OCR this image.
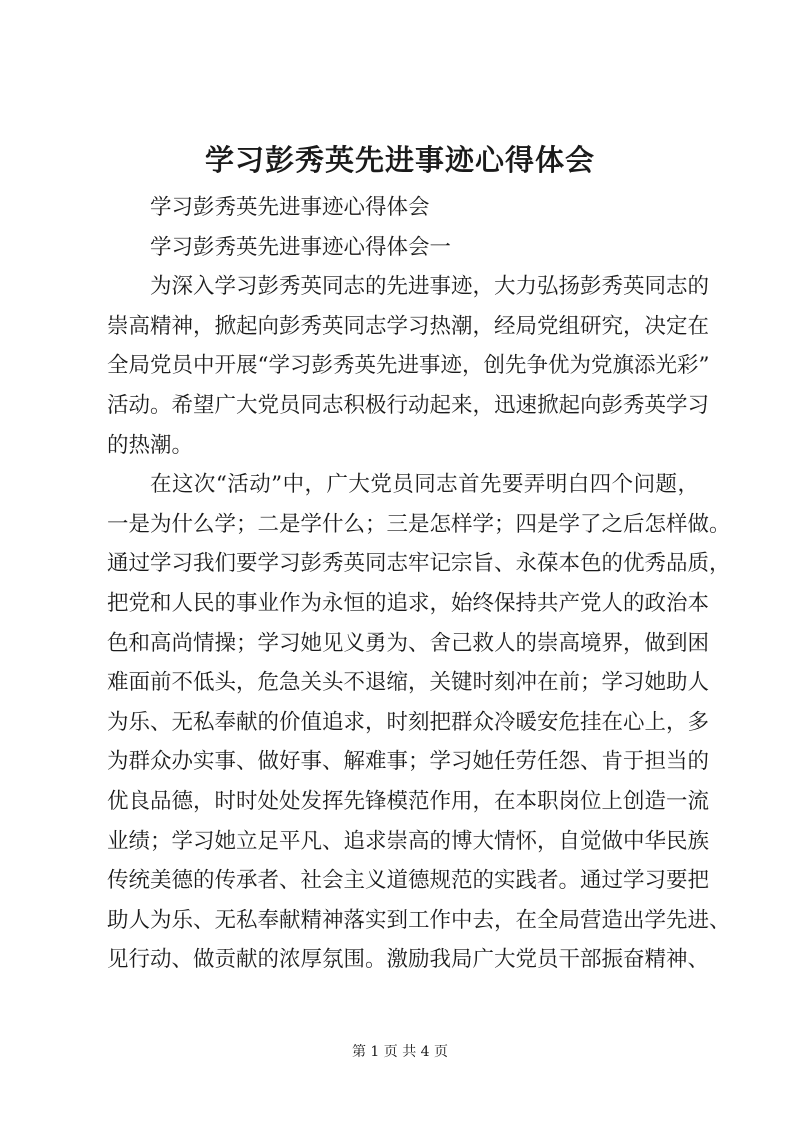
学习彭秀英先进事迹心得体会
学习彭秀英先进事迹心得体会
学习彭秀英先进事迹心得体会一
为深入学习彭秀英同志的先进事迹，大力弘扬彭秀英同志的
崇高精神，掀起向彭秀英同志学习热潮，经局党组研究，决定在
全局党员中开展“学习彭秀英先进事迹，创先争优为党旗添光彩”
活动。希望广大党员同志积极行动起来，迅速掀起向彭秀英学习
的热潮。
在这次“活动”中，广大党员同志首先要弄明白四个问题，
一是为什么学；二是学什么；三是怎样学；四是学了之后怎样做。
通过学习我们要学习彭秀英同志牢记宗旨、永葆本色的优秀品质，
把党和人民的事业作为永恒的追求，始终保持共产党人的政治本
色和高尚情操；学习她见义勇为、舍己救人的崇高境界，做到困
难面前不低头，危急关头不退缩，关键时刻冲在前；学习她助人
为乐、无私奉献的价值追求，时刻把群众冷暖安危挂在心上，多
为群众办实事、做好事、解难事；学习她任劳任怨、肯于担当的
优良品德，时时处处发挥先锋模范作用，在本职岗位上创造一流
业绩；学习她立足平凡、追求崇高的博大情怀，自觉做中华民族
传统美德的传承者、社会主义道德规范的实践者。通过学习要把
助人为乐、无私奉献精神落实到工作中去，在全局营造出学先进、
见行动、做贡献的浓厚氛围。激励我局广大党员干部振奋精神、

第 1 页 共 4 页
